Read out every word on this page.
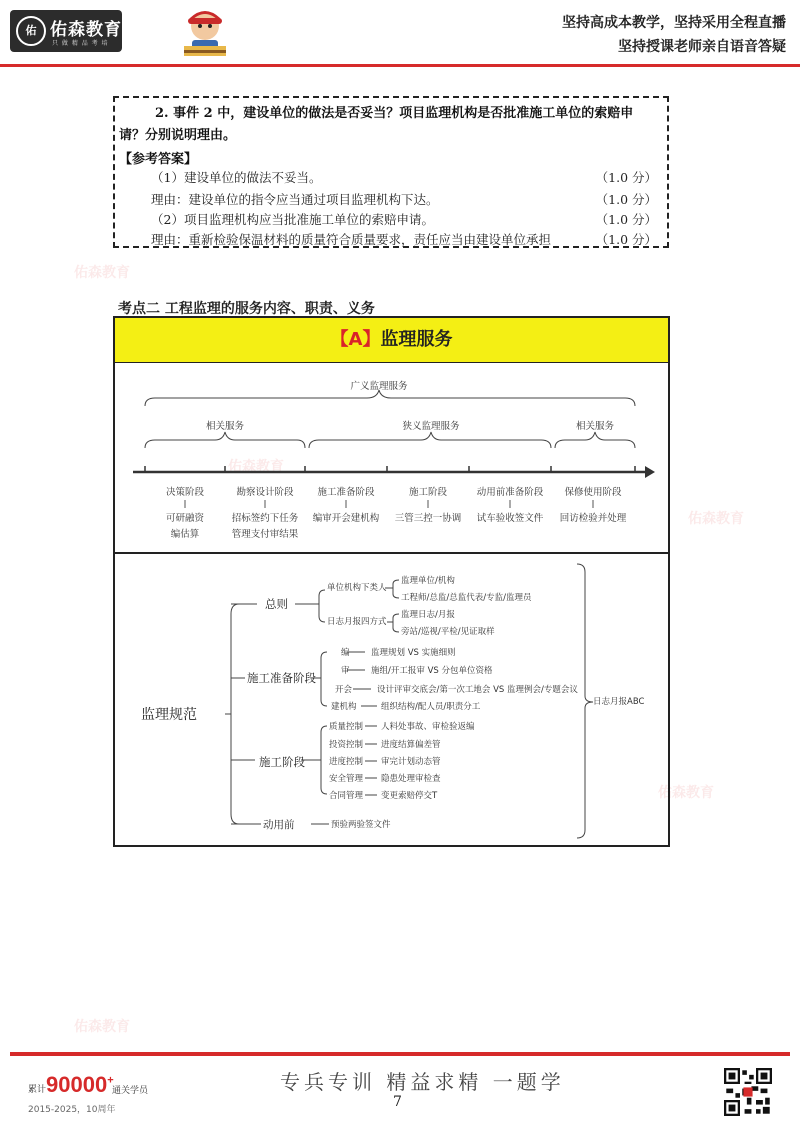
佑 佑森教育
只 做 精 品 考 培
坚持高成本教学，坚持采用全程直播
坚持授课老师亲自语音答疑
佑森教育
佑森教育
佑森教育
佑森教育
佑森教育
2. 事件 2 中，建设单位的做法是否妥当？项目监理机构是否批准施工单位的索赔申
请？分别说明理由。
【参考答案】
（1）建设单位的做法不妥当。	（1.0 分）
理由：建设单位的指令应当通过项目监理机构下达。	（1.0 分）
（2）项目监理机构应当批准施工单位的索赔申请。	（1.0 分）
理由：重新检验保温材料的质量符合质量要求，责任应当由建设单位承担	（1.0 分）
考点二 工程监理的服务内容、职责、义务
【A】监理服务
广义监理服务
相关服务	狭义监理服务	相关服务
决策阶段
可研融资
编估算
勘察设计阶段
招标签约下任务
管理支付审结果
施工准备阶段
编审开会建机构
施工阶段
三管三控一协调
动用前准备阶段
试车验收签文件
保修使用阶段
回访检验并处理
监理规范
总则
单位机构下类人
监理单位/机构
工程师/总监/总监代表/专监/监理员
日志月报四方式
监理日志/月报
旁站/巡视/平检/见证取样
施工准备阶段
编	监理规划 VS 实施细则
审	施组/开工报审 VS 分包单位资格
开会	设计评审交底会/第一次工地会 VS 监理例会/专题会议
建机构	组织结构/配人员/职责分工
施工阶段
质量控制 人料处事故、审检验返编
投资控制 进度结算偏差管
进度控制 审完计划动态管
安全管理 隐患处理审检查
合同管理 变更索赔停交T
动用前	预验两验签文件
日志月报ABC
累计 90000+
通关学员
2015-2025，10周年
专兵专训 精益求精 一题学
7
